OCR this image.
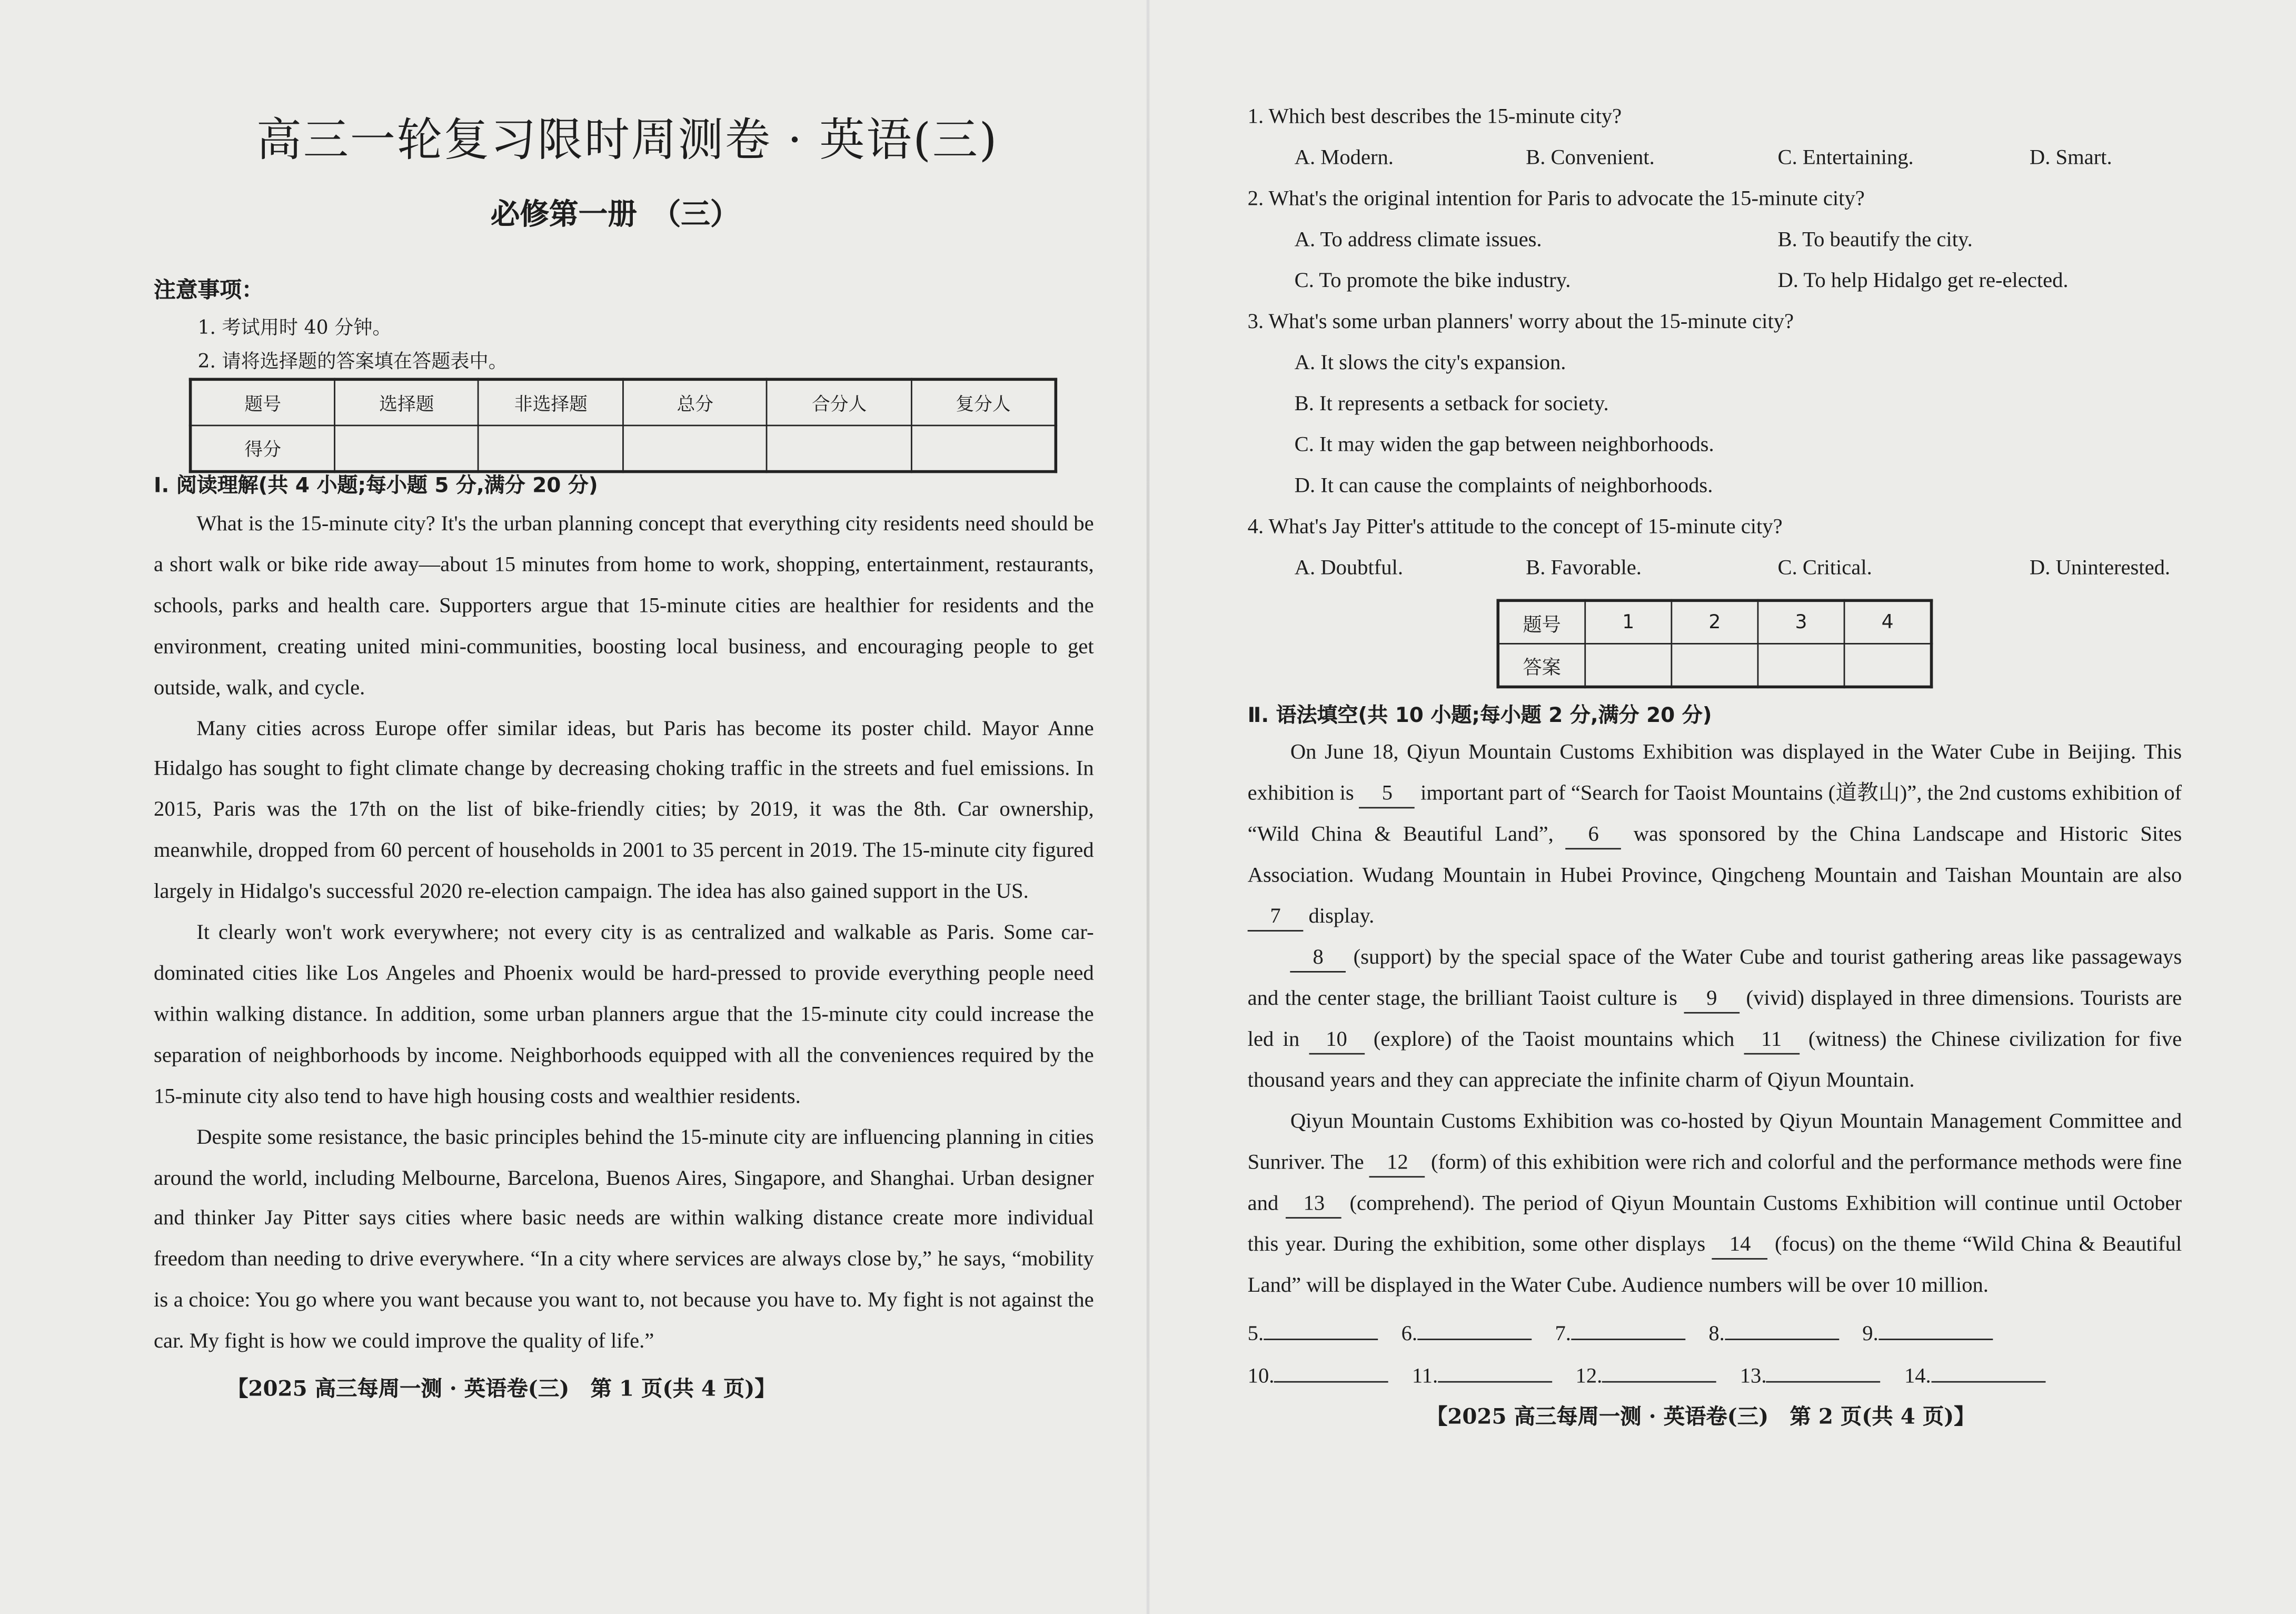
高三一轮复习限时周测卷 · 英语(三)
必修第一册　（三）
注意事项：
1. 考试用时 40 分钟。
2. 请将选择题的答案填在答题表中。
题号	选择题	非选择题	总分	合分人	复分人
得分					
Ⅰ. 阅读理解(共 4 小题;每小题 5 分,满分 20 分)

What is the 15-minute city? It's the urban planning concept that everything city residents need should be a short walk or bike ride away—about 15 minutes from home to work, shopping, entertainment, restaurants, schools, parks and health care. Supporters argue that 15-minute cities are healthier for residents and the environment, creating united mini-communities, boosting local business, and encouraging people to get outside, walk, and cycle.

Many cities across Europe offer similar ideas, but Paris has become its poster child. Mayor Anne Hidalgo has sought to fight climate change by decreasing choking traffic in the streets and fuel emissions. In 2015, Paris was the 17th on the list of bike-friendly cities; by 2019, it was the 8th. Car ownership, meanwhile, dropped from 60 percent of households in 2001 to 35 percent in 2019. The 15-minute city figured largely in Hidalgo's successful 2020 re-election campaign. The idea has also gained support in the US.

It clearly won't work everywhere; not every city is as centralized and walkable as Paris. Some car-dominated cities like Los Angeles and Phoenix would be hard-pressed to provide everything people need within walking distance. In addition, some urban planners argue that the 15-minute city could increase the separation of neighborhoods by income. Neighborhoods equipped with all the conveniences required by the 15-minute city also tend to have high housing costs and wealthier residents.

Despite some resistance, the basic principles behind the 15-minute city are influencing planning in cities around the world, including Melbourne, Barcelona, Buenos Aires, Singapore, and Shanghai. Urban designer and thinker Jay Pitter says cities where basic needs are within walking distance create more individual freedom than needing to drive everywhere. “In a city where services are always close by,” he says, “mobility is a choice: You go where you want because you want to, not because you have to. My fight is not against the car. My fight is how we could improve the quality of life.”

【2025 高三每周一测 · 英语卷(三)　第 1 页(共 4 页)】
1. Which best describes the 15-minute city?
A. Modern.	B. Convenient.	C. Entertaining.	D. Smart.
2. What's the original intention for Paris to advocate the 15-minute city?
A. To address climate issues.	B. To beautify the city.
C. To promote the bike industry.	D. To help Hidalgo get re-elected.
3. What's some urban planners' worry about the 15-minute city?
A. It slows the city's expansion.
B. It represents a setback for society.
C. It may widen the gap between neighborhoods.
D. It can cause the complaints of neighborhoods.
4. What's Jay Pitter's attitude to the concept of 15-minute city?
A. Doubtful.	B. Favorable.	C. Critical.	D. Uninterested.
题号	1	2	3	4
答案				
Ⅱ. 语法填空(共 10 小题;每小题 2 分,满分 20 分)

On June 18, Qiyun Mountain Customs Exhibition was displayed in the Water Cube in Beijing. This exhibition is	5	important part of “Search for Taoist Mountains (道教山)”, the 2nd customs exhibition of “Wild China & Beautiful Land”,	6	was sponsored by the China Landscape and Historic Sites Association. Wudang Mountain in Hubei Province, Qingcheng Mountain and Taishan Mountain are also 7	display.

8	(support) by the special space of the Water Cube and tourist gathering areas like passageways and the center stage, the brilliant Taoist culture is	9	(vivid) displayed in three dimensions. Tourists are led in 10 (explore) of the Taoist mountains which 11 (witness) the Chinese civilization for five thousand years and they can appreciate the infinite charm of Qiyun Mountain.

Qiyun Mountain Customs Exhibition was co-hosted by Qiyun Mountain Management Committee and Sunriver. The 12 (form) of this exhibition were rich and colorful and the performance methods were fine and 13 (comprehend). The period of Qiyun Mountain Customs Exhibition will continue until October this year. During the exhibition, some other displays 14 (focus) on the theme “Wild China & Beautiful Land” will be displayed in the Water Cube. Audience numbers will be over 10 million.

5.	6.	7.	8.	9.
10.	11.	12.	13.	14.
【2025 高三每周一测 · 英语卷(三)　第 2 页(共 4 页)】
